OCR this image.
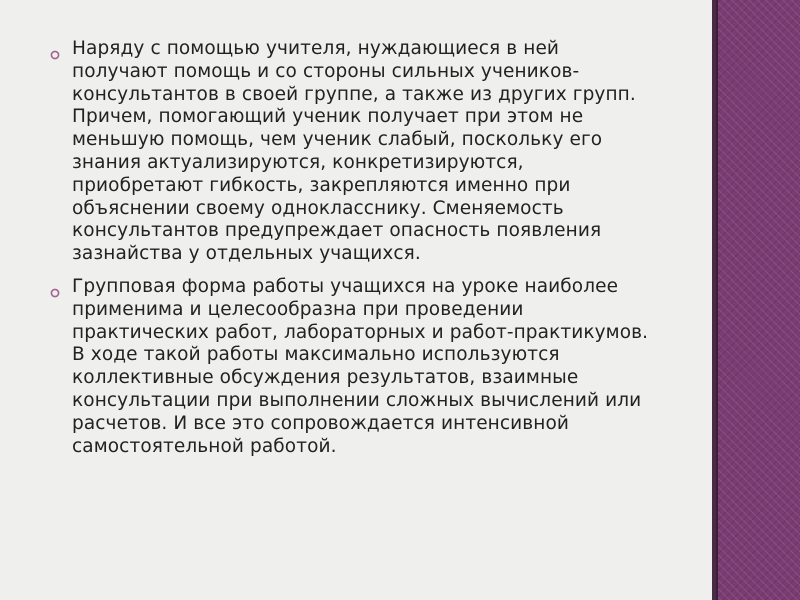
Наряду с помощью учителя, нуждающиеся в ней получают помощь и со стороны сильных учеников-консультантов в своей группе, а также из других групп. Причем, помогающий ученик получает при этом не меньшую помощь, чем ученик слабый, поскольку его знания актуализируются, конкретизируются, приобретают гибкость, закрепляются именно при объяснении своему однокласснику. Сменяемость консультантов предупреждает опасность появления зазнайства у отдельных учащихся.

Групповая форма работы учащихся на уроке наиболее применима и целесообразна при проведении практических работ, лабораторных и работ-практикумов. В ходе такой работы максимально используются коллективные обсуждения результатов, взаимные консультации при выполнении сложных вычислений или расчетов. И все это сопровождается интенсивной самостоятельной работой.
